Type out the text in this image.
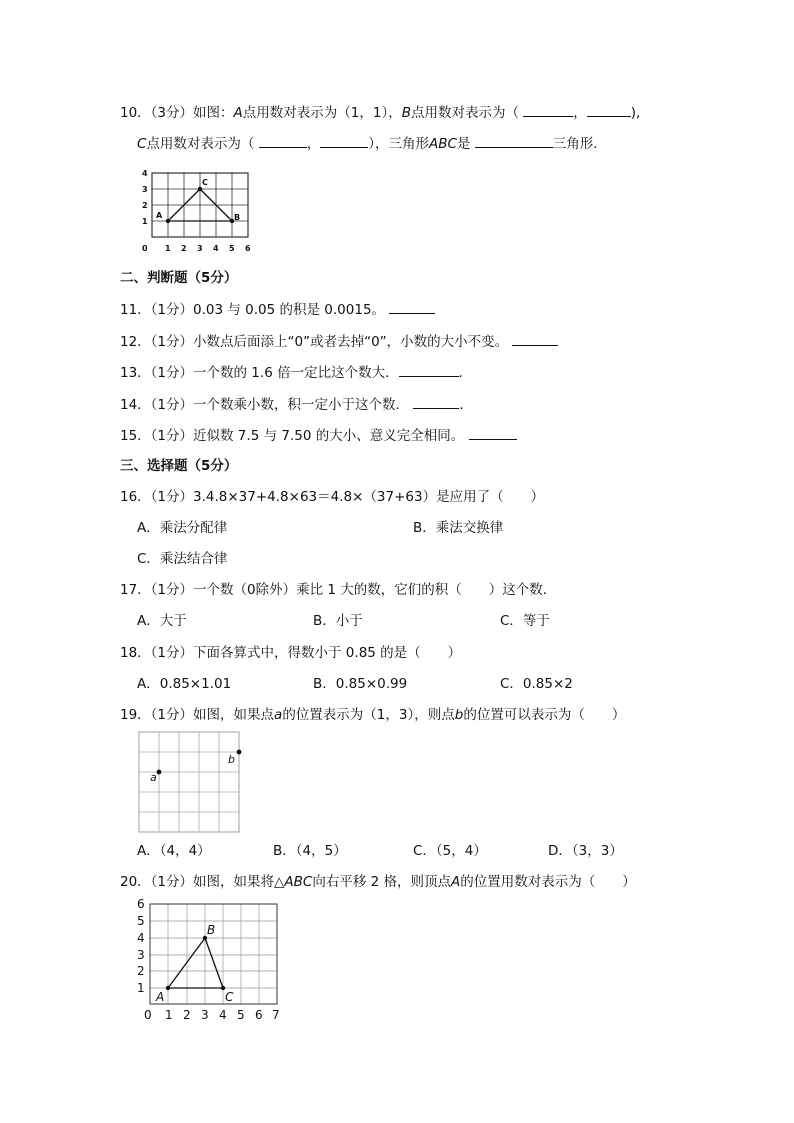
10．（3分）如图：A点用数对表示为（1，1），B点用数对表示为（	，	),
C点用数对表示为（	，	），三角形ABC是	三角形．
A	B
C
1
2
3
4
0 1 2 3 4 5 6
二、判断题（5分）
11．（1分）0.03 与 0.05 的积是 0.0015。
12．（1分）小数点后面添上“0”或者去掉“0”，小数的大小不变。
13．（1分）一个数的 1.6 倍一定比这个数大．	．
14．（1分）一个数乘小数，积一定小于这个数．	．
15．（1分）近似数 7.5 与 7.50 的大小、意义完全相同。
三、选择题（5分）
16．（1分）3.4.8×37+4.8×63＝4.8×（37+63）是应用了（　　）
A．乘法分配律	B．乘法交换律
C．乘法结合律
17．（1分）一个数（0除外）乘比 1 大的数，它们的积（　　）这个数．
A．大于	B．小于	C．等于
18．（1分）下面各算式中，得数小于 0.85 的是（　　）
A．0.85×1.01	B．0.85×0.99	C．0.85×2
19．（1分）如图，如果点a的位置表示为（1，3），则点b的位置可以表示为（　　）
a
b
A．（4，4）	B．（4，5）	C．（5，4）	D．（3，3）
20．（1分）如图，如果将△ABC向右平移 2 格，则顶点A的位置用数对表示为（　　）
A
B
C
1
2
3
4
5
6
0 1 2 3 4 5 6 7
